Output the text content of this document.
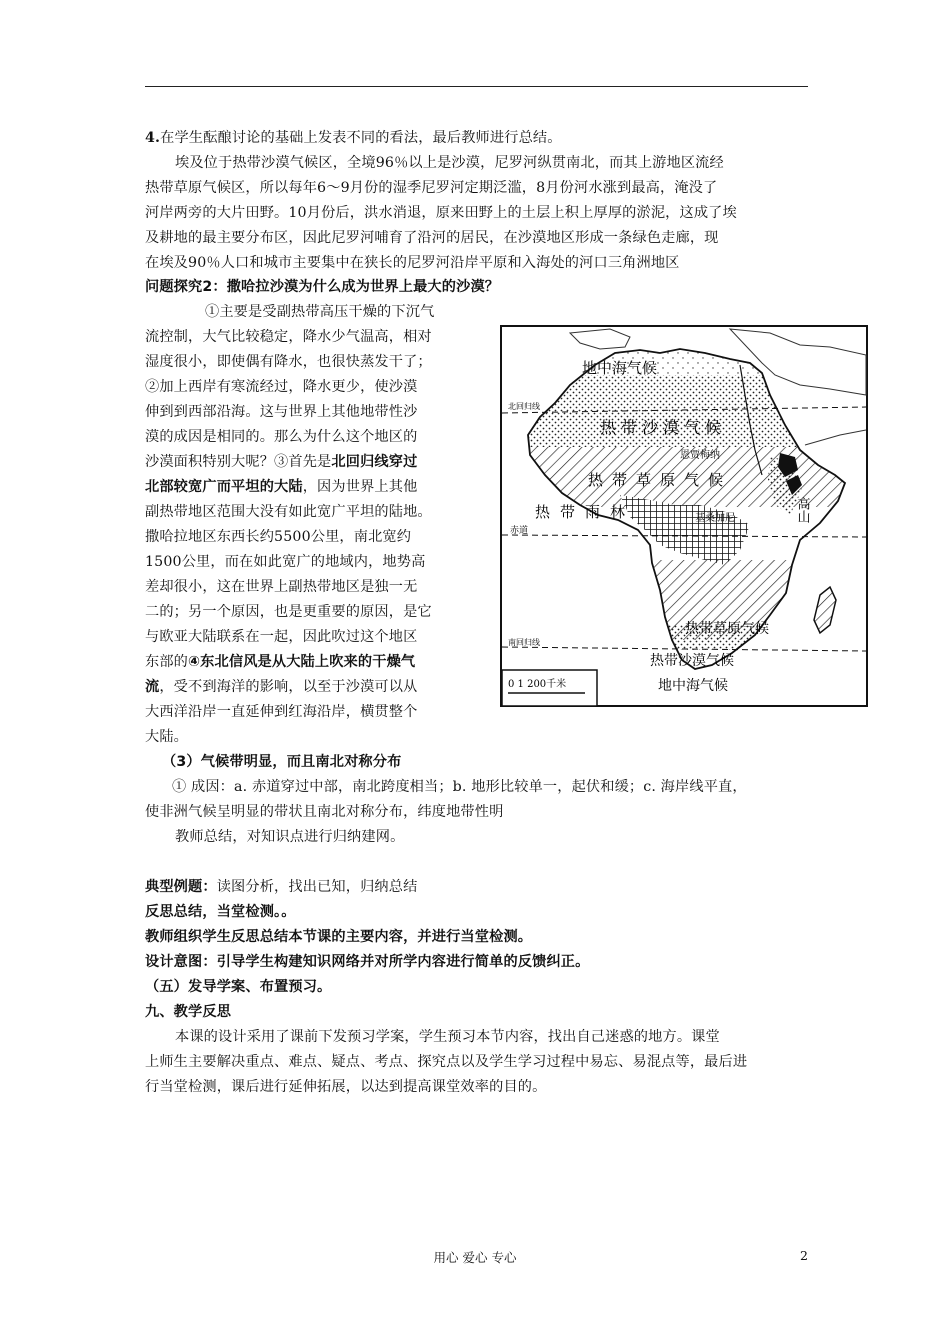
4.在学生酝酿讨论的基础上发表不同的看法，最后教师进行总结。
埃及位于热带沙漠气候区，全境96％以上是沙漠，尼罗河纵贯南北，而其上游地区流经
热带草原气候区，所以每年6～9月份的湿季尼罗河定期泛滥，8月份河水涨到最高，淹没了
河岸两旁的大片田野。10月份后，洪水消退，原来田野上的土层上积上厚厚的淤泥，这成了埃
及耕地的最主要分布区，因此尼罗河哺育了沿河的居民，在沙漠地区形成一条绿色走廊，现
在埃及90％人口和城市主要集中在狭长的尼罗河沿岸平原和入海处的河口三角洲地区
问题探究2：撒哈拉沙漠为什么成为世界上最大的沙漠？
①主要是受副热带高压干燥的下沉气
流控制，大气比较稳定，降水少气温高，相对
湿度很小，即使偶有降水，也很快蒸发干了；
②加上西岸有寒流经过，降水更少，使沙漠
伸到到西部沿海。这与世界上其他地带性沙
漠的成因是相同的。那么为什么这个地区的
沙漠面积特别大呢？③首先是北回归线穿过
北部较宽广而平坦的大陆，因为世界上其他
副热带地区范围大没有如此宽广平坦的陆地。
撒哈拉地区东西长约5500公里，南北宽约
1500公里，而在如此宽广的地域内，地势高
差却很小，这在世界上副热带地区是独一无
二的；另一个原因，也是更重要的原因，是它
与欧亚大陆联系在一起，因此吹过这个地区
东部的④东北信风是从大陆上吹来的干燥气
流，受不到海洋的影响，以至于沙漠可以从
大西洋沿岸一直延伸到红海沿岸，横贯整个
大陆。
（3）气候带明显，而且南北对称分布
① 成因：a. 赤道穿过中部，南北跨度相当；b. 地形比较单一，起伏和缓；c. 海岸线平直，
使非洲气候呈明显的带状且南北对称分布，纬度地带性明
教师总结，对知识点进行归纳建网。
典型例题：读图分析，找出已知，归纳总结
反思总结，当堂检测。。
教师组织学生反思总结本节课的主要内容，并进行当堂检测。
设计意图：引导学生构建知识网络并对所学内容进行简单的反馈纠正。
（五）发导学案、布置预习。
九、教学反思
本课的设计采用了课前下发预习学案，学生预习本节内容，找出自己迷惑的地方。课堂
上师生主要解决重点、难点、疑点、考点、探究点以及学生学习过程中易忘、易混点等，最后进
行当堂检测，课后进行延伸拓展，以达到提高课堂效率的目的。
地中海气候
北回归线
热带沙漠气候
恩贾梅纳
热带草原气候
高山
热带雨林
赤道
基桑加尼
热带草原气候
南回归线
热带沙漠气候
地中海气候
0 1 200千米
用心 爱心 专心	2
